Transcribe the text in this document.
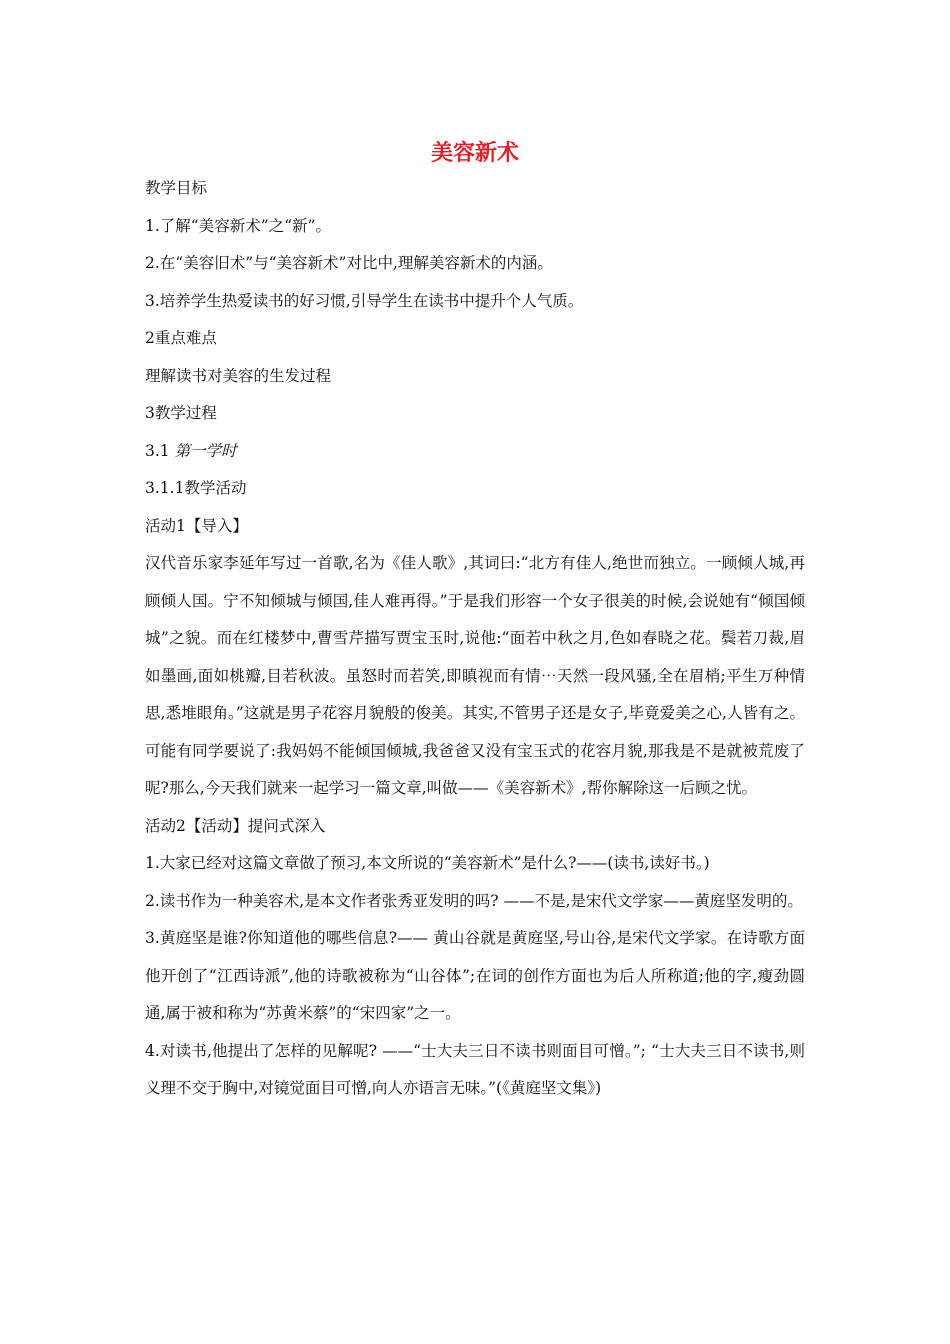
美容新术

教学目标

1.了解“美容新术”之“新”。

2.在“美容旧术”与“美容新术”对比中,理解美容新术的内涵。

3.培养学生热爱读书的好习惯,引导学生在读书中提升个人气质。

2重点难点

理解读书对美容的生发过程

3教学过程

3.1 第一学时

3.1.1教学活动

活动1【导入】

汉代音乐家李延年写过一首歌,名为《佳人歌》,其词曰:“北方有佳人,绝世而独立。一顾倾人城,再顾倾人国。宁不知倾城与倾国,佳人难再得。”于是我们形容一个女子很美的时候,会说她有“倾国倾城”之貌。而在红楼梦中,曹雪芹描写贾宝玉时,说他:“面若中秋之月,色如春晓之花。鬓若刀裁,眉如墨画,面如桃瓣,目若秋波。虽怒时而若笑,即瞋视而有情⋯天然一段风骚,全在眉梢;平生万种情思,悉堆眼角。”这就是男子花容月貌般的俊美。其实,不管男子还是女子,毕竟爱美之心,人皆有之。可能有同学要说了:我妈妈不能倾国倾城,我爸爸又没有宝玉式的花容月貌,那我是不是就被荒废了呢?那么,今天我们就来一起学习一篇文章,叫做——《美容新术》,帮你解除这一后顾之忧。

活动2【活动】提问式深入

1.大家已经对这篇文章做了预习,本文所说的“美容新术”是什么?——(读书,读好书。)

2.读书作为一种美容术,是本文作者张秀亚发明的吗? ——不是,是宋代文学家——黄庭坚发明的。

3.黄庭坚是谁?你知道他的哪些信息?—— 黄山谷就是黄庭坚,号山谷,是宋代文学家。在诗歌方面他开创了“江西诗派”,他的诗歌被称为“山谷体”;在词的创作方面也为后人所称道;他的字,瘦劲圆通,属于被和称为“苏黄米蔡”的“宋四家”之一。

4.对读书,他提出了怎样的见解呢? ——“士大夫三日不读书则面目可憎。”; “士大夫三日不读书,则义理不交于胸中,对镜觉面目可憎,向人亦语言无味。”(《黄庭坚文集》)
